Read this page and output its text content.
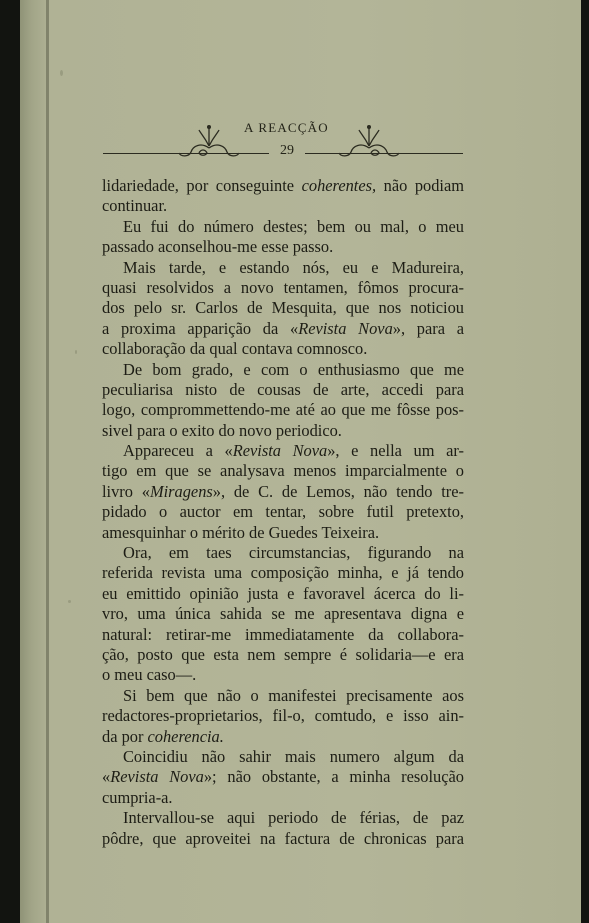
A REACÇÃO
29
lidariedade, por conseguinte coherentes, não podiam
continuar.
Eu fui do número destes; bem ou mal, o meu
passado aconselhou-me esse passo.
Mais tarde, e estando nós, eu e Madureira,
quasi resolvidos a novo tentamen, fômos procura-
dos pelo sr. Carlos de Mesquita, que nos noticiou
a proxima apparição da «Revista Nova», para a
collaboração da qual contava comnosco.
De bom grado, e com o enthusiasmo que me
peculiarisa nisto de cousas de arte, accedi para
logo, comprommettendo-me até ao que me fôsse pos-
sivel para o exito do novo periodico.
Appareceu a «Revista Nova», e nella um ar-
tigo em que se analysava menos imparcialmente o
livro «Miragens», de C. de Lemos, não tendo tre-
pidado o auctor em tentar, sobre futil pretexto,
amesquinhar o mérito de Guedes Teixeira.
Ora, em taes circumstancias, figurando na
referida revista uma composição minha, e já tendo
eu emittido opinião justa e favoravel ácerca do li-
vro, uma única sahida se me apresentava digna e
natural: retirar-me immediatamente da collabora-
ção, posto que esta nem sempre é solidaria—e era
o meu caso—.
Si bem que não o manifestei precisamente aos
redactores-proprietarios, fil-o, comtudo, e isso ain-
da por coherencia.
Coincidiu não sahir mais numero algum da
«Revista Nova»; não obstante, a minha resolução
cumpria-a.
Intervallou-se aqui periodo de férias, de paz
pôdre, que aproveitei na factura de chronicas para
